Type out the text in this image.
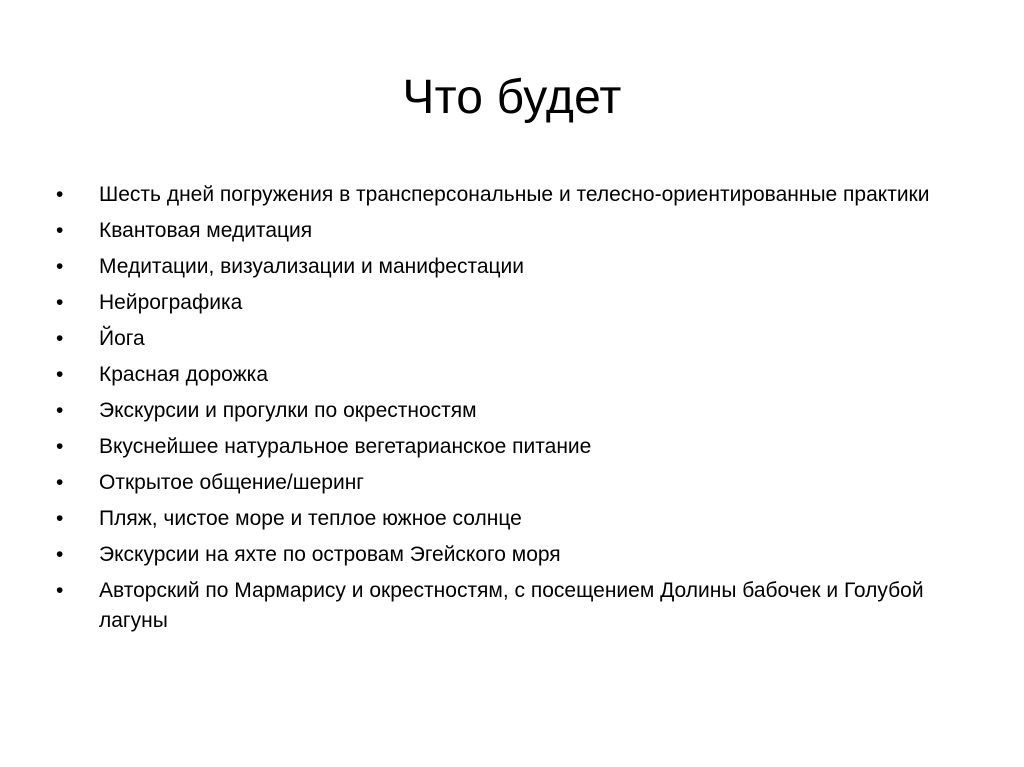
Что будет
•	Шесть дней погружения в трансперсональные и телесно-ориентированные практики
•	Квантовая медитация
•	Медитации, визуализации и манифестации
•	Нейрографика
•	Йога
•	Красная дорожка
•	Экскурсии и прогулки по окрестностям
•	Вкуснейшее натуральное вегетарианское питание
•	Открытое общение/шеринг
•	Пляж, чистое море и теплое южное солнце
•	Экскурсии на яхте по островам Эгейского моря
•	Авторский по Мармарису и окрестностям, с посещением Долины бабочек и Голубой лагуны
